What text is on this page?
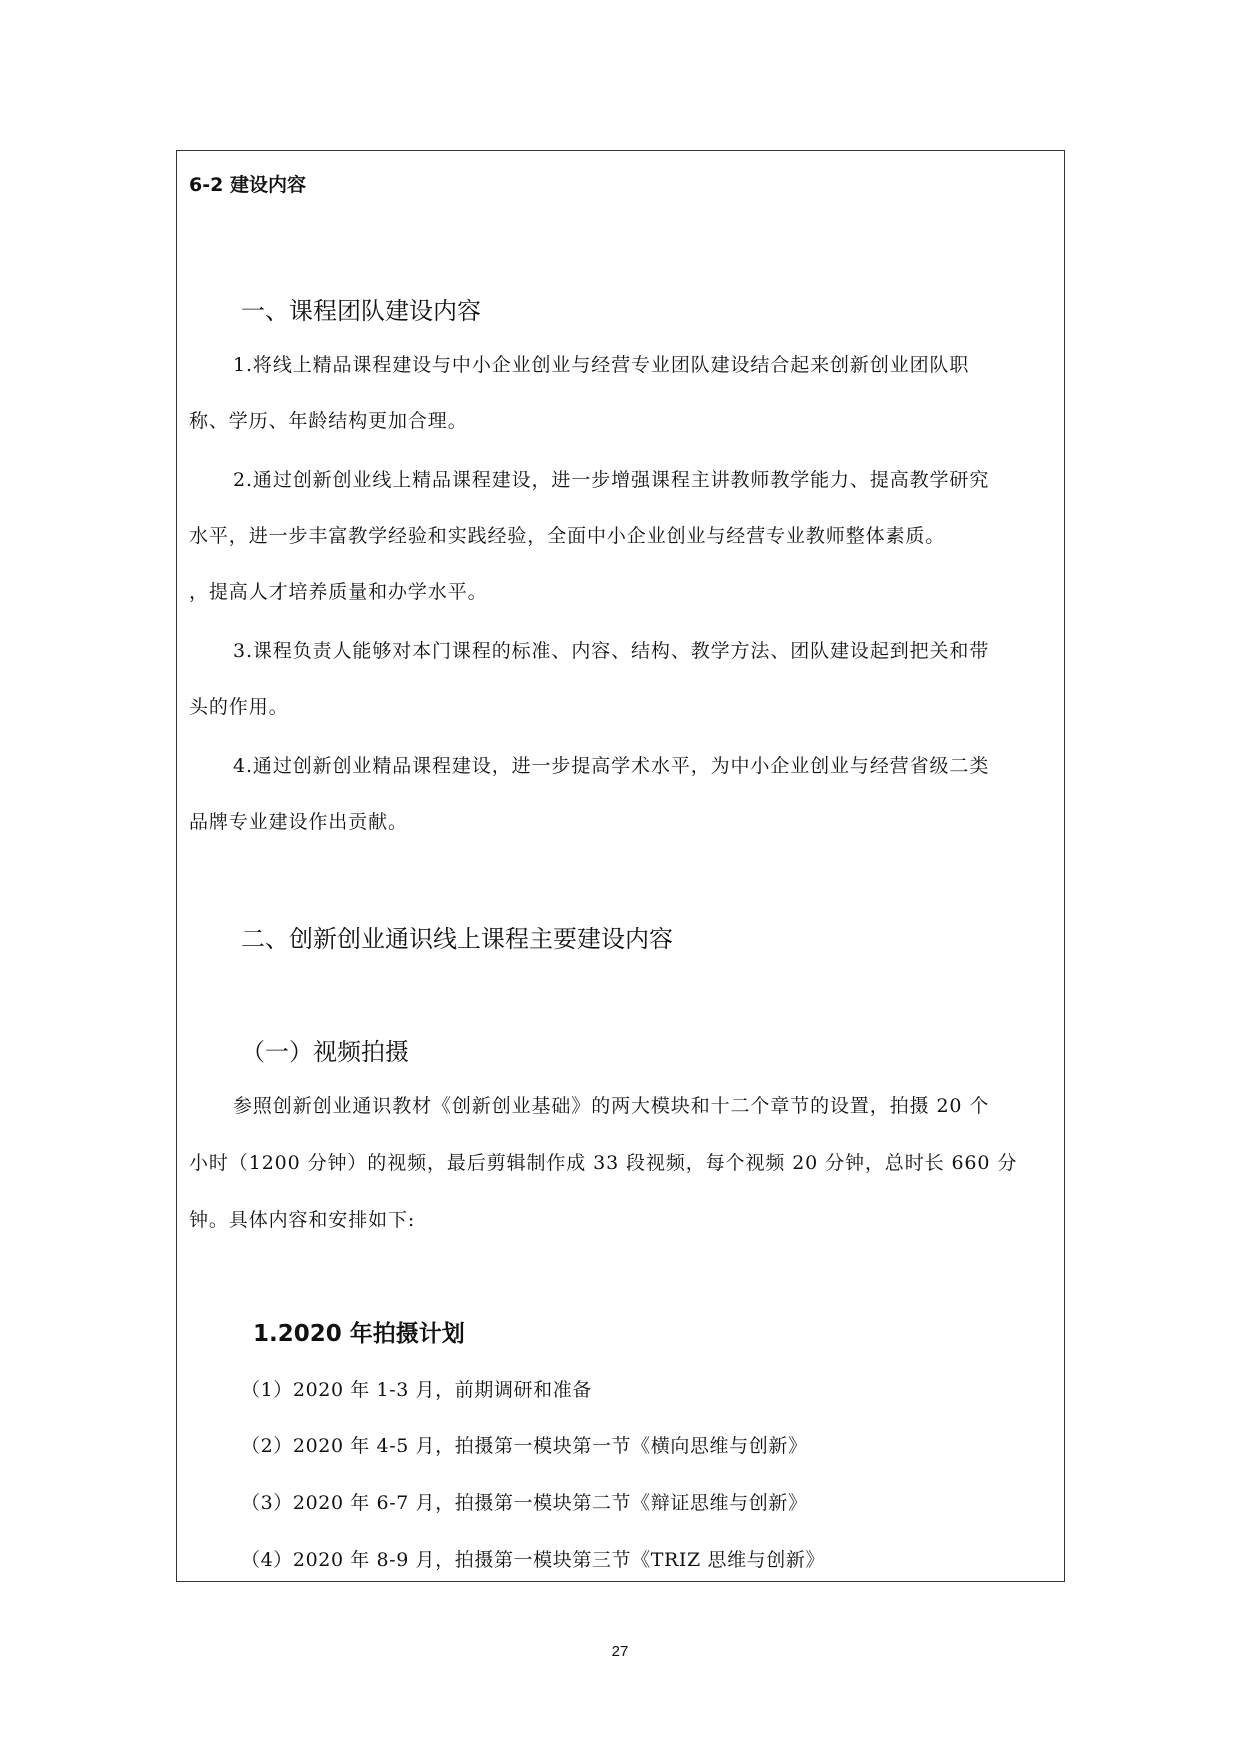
6-2 建设内容
一、课程团队建设内容
1.将线上精品课程建设与中小企业创业与经营专业团队建设结合起来创新创业团队职
称、学历、年龄结构更加合理。
2.通过创新创业线上精品课程建设，进一步增强课程主讲教师教学能力、提高教学研究
水平，进一步丰富教学经验和实践经验，全面中小企业创业与经营专业教师整体素质。
，提高人才培养质量和办学水平。
3.课程负责人能够对本门课程的标准、内容、结构、教学方法、团队建设起到把关和带
头的作用。
4.通过创新创业精品课程建设，进一步提高学术水平，为中小企业创业与经营省级二类
品牌专业建设作出贡献。
二、创新创业通识线上课程主要建设内容
（一）视频拍摄
参照创新创业通识教材《创新创业基础》的两大模块和十二个章节的设置，拍摄 20 个
小时（1200 分钟）的视频，最后剪辑制作成 33 段视频，每个视频 20 分钟，总时长 660 分
钟。具体内容和安排如下:
1.2020 年拍摄计划
（1）2020 年 1-3 月，前期调研和准备
（2）2020 年 4-5 月，拍摄第一模块第一节《横向思维与创新》
（3）2020 年 6-7 月，拍摄第一模块第二节《辩证思维与创新》
（4）2020 年 8-9 月，拍摄第一模块第三节《TRIZ 思维与创新》
27
